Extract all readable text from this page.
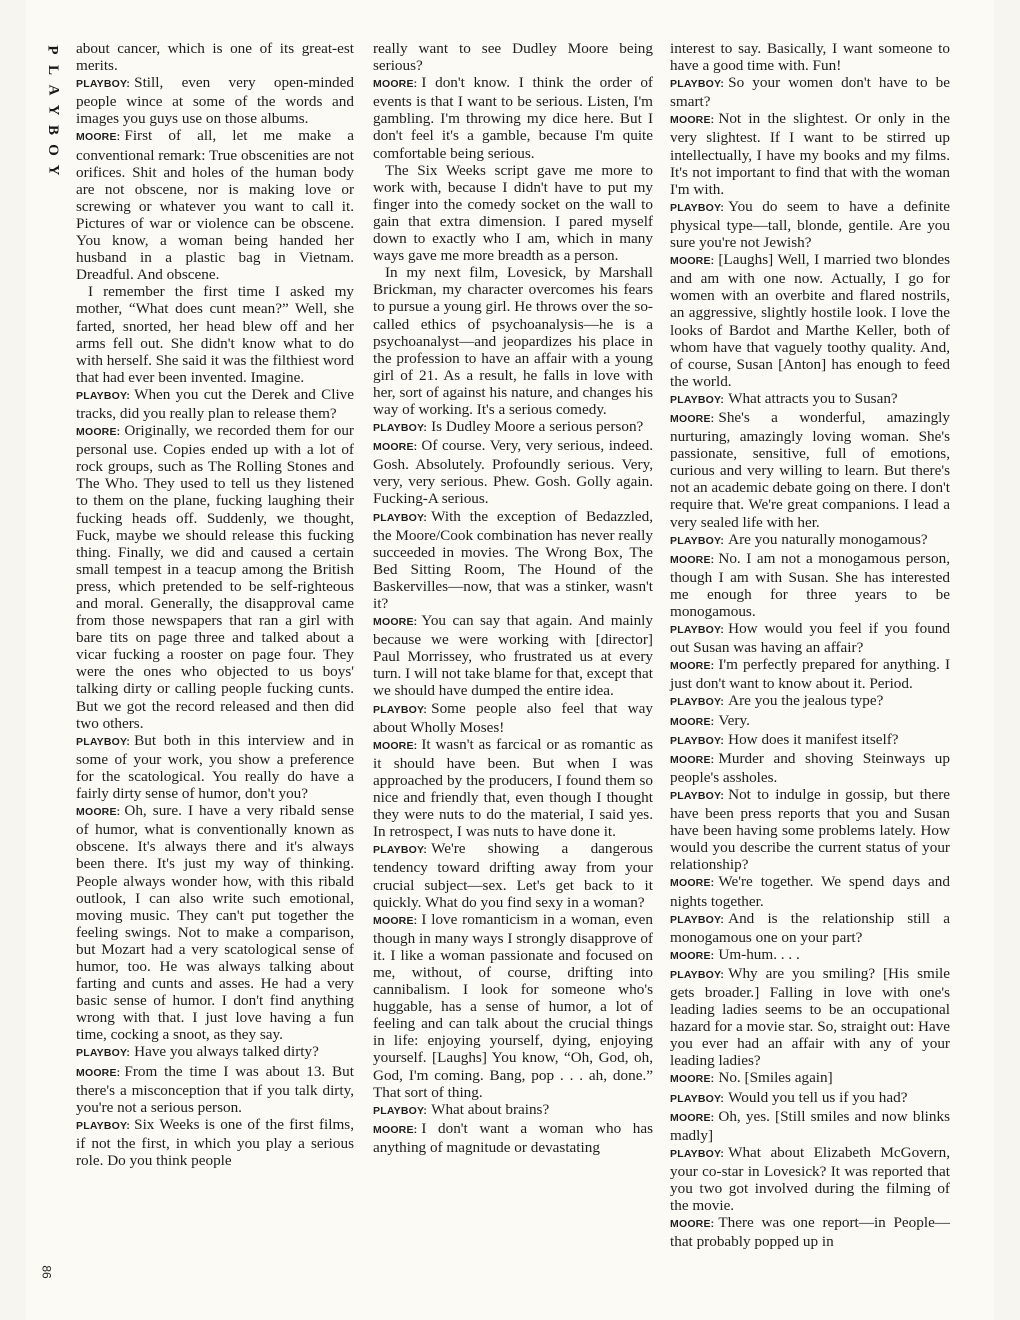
P
L
A
Y
B
O
Y
86

about cancer, which is one of its great-est merits.

PLAYBOY: Still, even very open-minded people wince at some of the words and images you guys use on those albums.

MOORE: First of all, let me make a conventional remark: True obscenities are not orifices. Shit and holes of the human body are not obscene, nor is making love or screwing or whatever you want to call it. Pictures of war or violence can be obscene. You know, a woman being handed her husband in a plastic bag in Vietnam. Dreadful. And obscene.

I remember the first time I asked my mother, “What does cunt mean?” Well, she farted, snorted, her head blew off and her arms fell out. She didn't know what to do with herself. She said it was the filthiest word that had ever been invented. Imagine.

PLAYBOY: When you cut the Derek and Clive tracks, did you really plan to release them?

MOORE: Originally, we recorded them for our personal use. Copies ended up with a lot of rock groups, such as The Rolling Stones and The Who. They used to tell us they listened to them on the plane, fucking laughing their fucking heads off. Suddenly, we thought, Fuck, maybe we should release this fucking thing. Finally, we did and caused a certain small tempest in a teacup among the British press, which pretended to be self-righteous and moral. Generally, the disapproval came from those newspapers that ran a girl with bare tits on page three and talked about a vicar fucking a rooster on page four. They were the ones who objected to us boys' talking dirty or calling people fucking cunts. But we got the record released and then did two others.

PLAYBOY: But both in this interview and in some of your work, you show a preference for the scatological. You really do have a fairly dirty sense of humor, don't you?

MOORE: Oh, sure. I have a very ribald sense of humor, what is conventionally known as obscene. It's always there and it's always been there. It's just my way of thinking. People always wonder how, with this ribald outlook, I can also write such emotional, moving music. They can't put together the feeling swings. Not to make a comparison, but Mozart had a very scatological sense of humor, too. He was always talking about farting and cunts and asses. He had a very basic sense of humor. I don't find anything wrong with that. I just love having a fun time, cocking a snoot, as they say.

PLAYBOY: Have you always talked dirty?

MOORE: From the time I was about 13. But there's a misconception that if you talk dirty, you're not a serious person.

PLAYBOY: Six Weeks is one of the first films, if not the first, in which you play a serious role. Do you think people

really want to see Dudley Moore being serious?

MOORE: I don't know. I think the order of events is that I want to be serious. Listen, I'm gambling. I'm throwing my dice here. But I don't feel it's a gamble, because I'm quite comfortable being serious.

The Six Weeks script gave me more to work with, because I didn't have to put my finger into the comedy socket on the wall to gain that extra dimension. I pared myself down to exactly who I am, which in many ways gave me more breadth as a person.

In my next film, Lovesick, by Marshall Brickman, my character overcomes his fears to pursue a young girl. He throws over the so-called ethics of psychoanalysis—he is a psychoanalyst—and jeopardizes his place in the profession to have an affair with a young girl of 21. As a result, he falls in love with her, sort of against his nature, and changes his way of working. It's a serious comedy.

PLAYBOY: Is Dudley Moore a serious person?

MOORE: Of course. Very, very serious, indeed. Gosh. Absolutely. Profoundly serious. Very, very, very serious. Phew. Gosh. Golly again. Fucking-A serious.

PLAYBOY: With the exception of Bedazzled, the Moore/Cook combination has never really succeeded in movies. The Wrong Box, The Bed Sitting Room, The Hound of the Baskervilles—now, that was a stinker, wasn't it?

MOORE: You can say that again. And mainly because we were working with [director] Paul Morrissey, who frustrated us at every turn. I will not take blame for that, except that we should have dumped the entire idea.

PLAYBOY: Some people also feel that way about Wholly Moses!

MOORE: It wasn't as farcical or as romantic as it should have been. But when I was approached by the producers, I found them so nice and friendly that, even though I thought they were nuts to do the material, I said yes. In retrospect, I was nuts to have done it.

PLAYBOY: We're showing a dangerous tendency toward drifting away from your crucial subject—sex. Let's get back to it quickly. What do you find sexy in a woman?

MOORE: I love romanticism in a woman, even though in many ways I strongly disapprove of it. I like a woman passionate and focused on me, without, of course, drifting into cannibalism. I look for someone who's huggable, has a sense of humor, a lot of feeling and can talk about the crucial things in life: enjoying yourself, dying, enjoying yourself. [Laughs] You know, “Oh, God, oh, God, I'm coming. Bang, pop . . . ah, done.” That sort of thing.

PLAYBOY: What about brains?

MOORE: I don't want a woman who has anything of magnitude or devastating

interest to say. Basically, I want someone to have a good time with. Fun!

PLAYBOY: So your women don't have to be smart?

MOORE: Not in the slightest. Or only in the very slightest. If I want to be stirred up intellectually, I have my books and my films. It's not important to find that with the woman I'm with.

PLAYBOY: You do seem to have a definite physical type—tall, blonde, gentile. Are you sure you're not Jewish?

MOORE: [Laughs] Well, I married two blondes and am with one now. Actually, I go for women with an overbite and flared nostrils, an aggressive, slightly hostile look. I love the looks of Bardot and Marthe Keller, both of whom have that vaguely toothy quality. And, of course, Susan [Anton] has enough to feed the world.

PLAYBOY: What attracts you to Susan?

MOORE: She's a wonderful, amazingly nurturing, amazingly loving woman. She's passionate, sensitive, full of emotions, curious and very willing to learn. But there's not an academic debate going on there. I don't require that. We're great companions. I lead a very sealed life with her.

PLAYBOY: Are you naturally monogamous?

MOORE: No. I am not a monogamous person, though I am with Susan. She has interested me enough for three years to be monogamous.

PLAYBOY: How would you feel if you found out Susan was having an affair?

MOORE: I'm perfectly prepared for anything. I just don't want to know about it. Period.

PLAYBOY: Are you the jealous type?

MOORE: Very.

PLAYBOY: How does it manifest itself?

MOORE: Murder and shoving Steinways up people's assholes.

PLAYBOY: Not to indulge in gossip, but there have been press reports that you and Susan have been having some problems lately. How would you describe the current status of your relationship?

MOORE: We're together. We spend days and nights together.

PLAYBOY: And is the relationship still a monogamous one on your part?

MOORE: Um-hum. . . .

PLAYBOY: Why are you smiling? [His smile gets broader.] Falling in love with one's leading ladies seems to be an occupational hazard for a movie star. So, straight out: Have you ever had an affair with any of your leading ladies?

MOORE: No. [Smiles again]

PLAYBOY: Would you tell us if you had?

MOORE: Oh, yes. [Still smiles and now blinks madly]

PLAYBOY: What about Elizabeth McGovern, your co-star in Lovesick? It was reported that you two got involved during the filming of the movie.

MOORE: There was one report—in People—that probably popped up in
